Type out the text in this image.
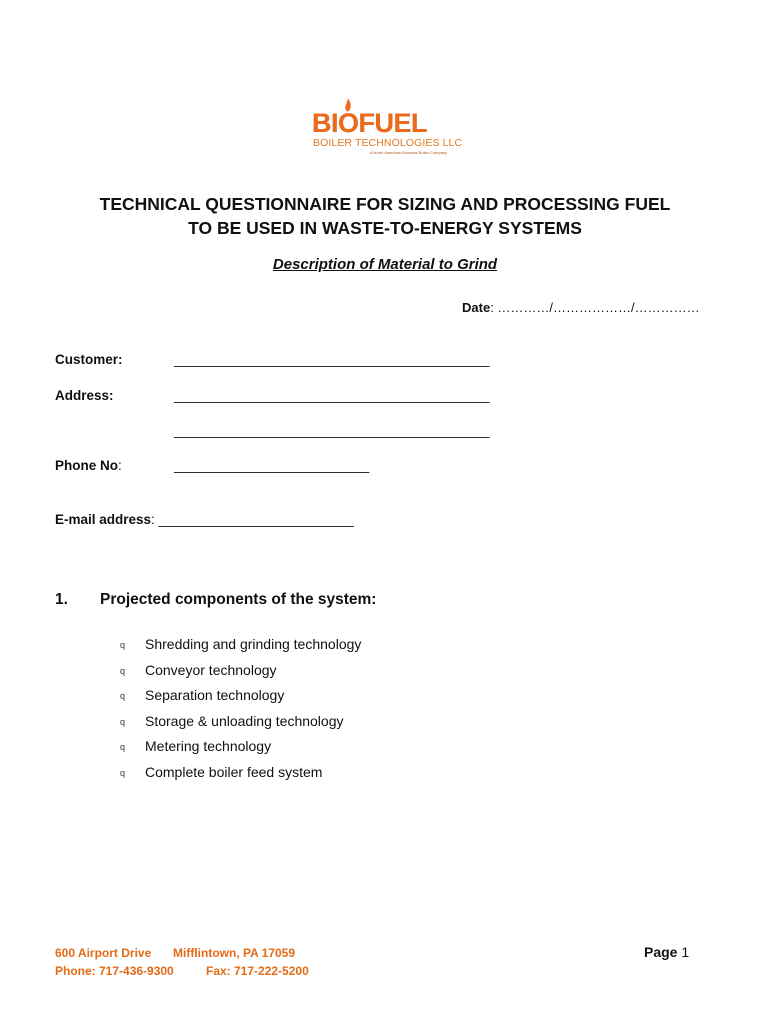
BIOFUEL
BOILER TECHNOLOGIES LLC
A North American Biomass Boiler Company
TECHNICAL QUESTIONNAIRE FOR SIZING AND PROCESSING FUEL
TO BE USED IN WASTE-TO-ENERGY SYSTEMS
Description of Material to Grind
Date: …………/………………/……………
Customer:	__________________________________________
Address:	__________________________________________
__________________________________________
Phone No:	__________________________
E-mail address: __________________________
1. Projected components of the system:
q	Shredding and grinding technology
q	Conveyor technology
q	Separation technology
q	Storage & unloading technology
q	Metering technology
q	Complete boiler feed system
600 Airport Drive Mifflintown, PA 17059
Phone: 717-436-9300	Fax: 717-222-5200
Page 1
